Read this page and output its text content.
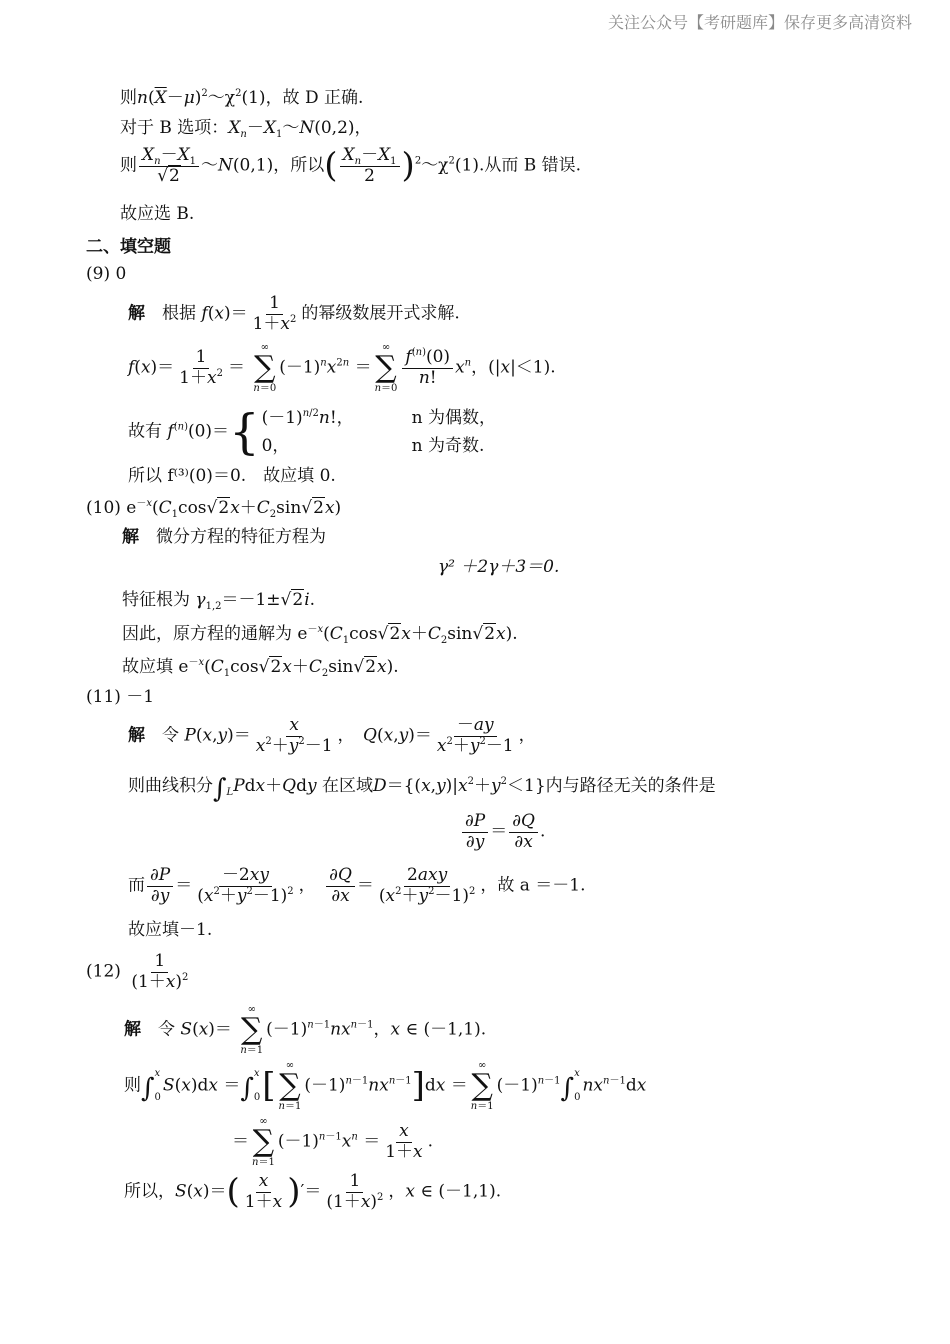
关注公众号【考研题库】保存更多高清资料
则$n(\overline{X}-\mu)^2\sim\chi^2(1)$，故 D 正确.
对于 B 选项：$X_n-X_1\sim N(0,2)$，
则 $\frac{X_n-X_1}{√2}$ ～N(0,1)，所以( $\frac{X_n-X_1}{2}$ )$^2\sim\chi^2(1)$.从而 B 错误.
故应选 B.
二、填空题
(9) 0
解　 根据 $f(x)= \frac{1}{1+x^2}$ 的幂级数展开式求解.
$f(x)= \frac{1}{1+x^2}$ ＝
∞
∑
n＝0
$(-1)^nx^{2n}$ ＝
∞
∑
n＝0
$\frac{f^{(n)}(0)}{n!} x^n$，(|x|＜1).
故有 $f^{(n)}(0)=$ { $(-1)^{n/2}n$!，	n 为偶数，
0，	n 为奇数.
所以 f⁽³⁾(0)＝0.　故应填 0.
(10) $e^{-x}(C_1\cos√2x+C_2\sin√2x)$
解　 微分方程的特征方程为
γ² ＋2γ＋3＝0.
特征根为 $\gamma_{1,2}=-1\pm√2i$.
因此，原方程的通解为 $e^{-x}(C_1\cos√2x+C_2\sin√2x)$.
故应填 $e^{-x}(C_1\cos√2x+C_2\sin√2x)$.
(11) －1
解　 令 $P(x,y)= \frac{x}{x^2+y^2-1}$ ，　$Q(x,y)= \frac{-ay}{x^2+y^2-1}$ ，
则曲线积分$\int_LPdx+Qdy$ 在区域$D=\{(x,y)|x^2+y^2<1\}$内与路径无关的条件是
$\frac{\partial P}{\partial y} = \frac{\partial Q}{\partial x}$ .
而 $\frac{\partial P}{\partial y} = \frac{-2xy}{(x^2+y^2-1)^2}$ ，　 $\frac{\partial Q}{\partial x} = \frac{\text{2axy}}{(x^2+y^2-1)^2}$ ，故 a ＝－1.
故应填－1.
$(12) \frac{1}{(1+x)^2}$
解　 令 S(x)＝
∞
∑
n＝1
$(-1)^{n-1}nx^{n-1}$，x ∈ (－1,1).
则∫ x

0S(x)dx ＝∫ x

0[ ∞
∑
n＝1
$(-1)^{n-1}nx^{n-1}]dx$ ＝
∞
∑
n＝1
$(-1)^{n-1}\int$ x

$0nx^{n-1}dx$
＝
∞
∑
n＝1
$(-1)^{n-1}x^n = \frac{x}{1+x}$ .
所以，$S(x)=( \frac{x}{1+x}$ )′＝ $\frac{1}{(1+x)^2}$ ，x ∈ (－1,1).
